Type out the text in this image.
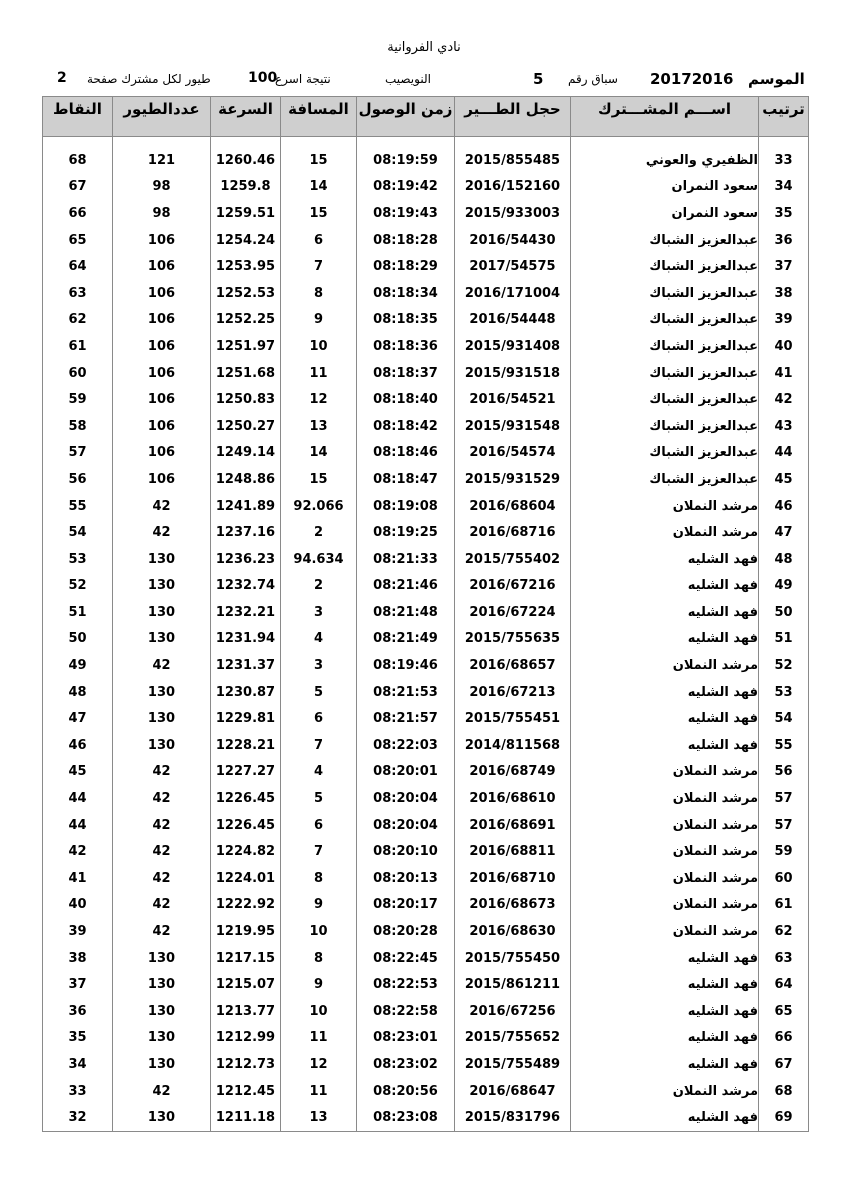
نادي الفروانية
الموسم
20172016
سباق رقم
5
النويصيب
نتيجة اسرع
100
طيور لكل مشترك صفحة
2
ترتيب	اســـم المشـــترك	حجل الطـــير	زمن الوصول	المسافة	السرعة	عددالطيور	النقاط

33	الظفيري والعوني	2015/855485	08:19:59	15	1260.46	121	68
34	سعود النمران	2016/152160	08:19:42	14	1259.8	98	67
35	سعود النمران	2015/933003	08:19:43	15	1259.51	98	66
36	عبدالعزيز الشباك	2016/54430	08:18:28	6	1254.24	106	65
37	عبدالعزيز الشباك	2017/54575	08:18:29	7	1253.95	106	64
38	عبدالعزيز الشباك	2016/171004	08:18:34	8	1252.53	106	63
39	عبدالعزيز الشباك	2016/54448	08:18:35	9	1252.25	106	62
40	عبدالعزيز الشباك	2015/931408	08:18:36	10	1251.97	106	61
41	عبدالعزيز الشباك	2015/931518	08:18:37	11	1251.68	106	60
42	عبدالعزيز الشباك	2016/54521	08:18:40	12	1250.83	106	59
43	عبدالعزيز الشباك	2015/931548	08:18:42	13	1250.27	106	58
44	عبدالعزيز الشباك	2016/54574	08:18:46	14	1249.14	106	57
45	عبدالعزيز الشباك	2015/931529	08:18:47	15	1248.86	106	56
46	مرشد النملان	2016/68604	08:19:08	92.066	1241.89	42	55
47	مرشد النملان	2016/68716	08:19:25	2	1237.16	42	54
48	فهد الشليه	2015/755402	08:21:33	94.634	1236.23	130	53
49	فهد الشليه	2016/67216	08:21:46	2	1232.74	130	52
50	فهد الشليه	2016/67224	08:21:48	3	1232.21	130	51
51	فهد الشليه	2015/755635	08:21:49	4	1231.94	130	50
52	مرشد النملان	2016/68657	08:19:46	3	1231.37	42	49
53	فهد الشليه	2016/67213	08:21:53	5	1230.87	130	48
54	فهد الشليه	2015/755451	08:21:57	6	1229.81	130	47
55	فهد الشليه	2014/811568	08:22:03	7	1228.21	130	46
56	مرشد النملان	2016/68749	08:20:01	4	1227.27	42	45
57	مرشد النملان	2016/68610	08:20:04	5	1226.45	42	44
57	مرشد النملان	2016/68691	08:20:04	6	1226.45	42	44
59	مرشد النملان	2016/68811	08:20:10	7	1224.82	42	42
60	مرشد النملان	2016/68710	08:20:13	8	1224.01	42	41
61	مرشد النملان	2016/68673	08:20:17	9	1222.92	42	40
62	مرشد النملان	2016/68630	08:20:28	10	1219.95	42	39
63	فهد الشليه	2015/755450	08:22:45	8	1217.15	130	38
64	فهد الشليه	2015/861211	08:22:53	9	1215.07	130	37
65	فهد الشليه	2016/67256	08:22:58	10	1213.77	130	36
66	فهد الشليه	2015/755652	08:23:01	11	1212.99	130	35
67	فهد الشليه	2015/755489	08:23:02	12	1212.73	130	34
68	مرشد النملان	2016/68647	08:20:56	11	1212.45	42	33
69	فهد الشليه	2015/831796	08:23:08	13	1211.18	130	32
